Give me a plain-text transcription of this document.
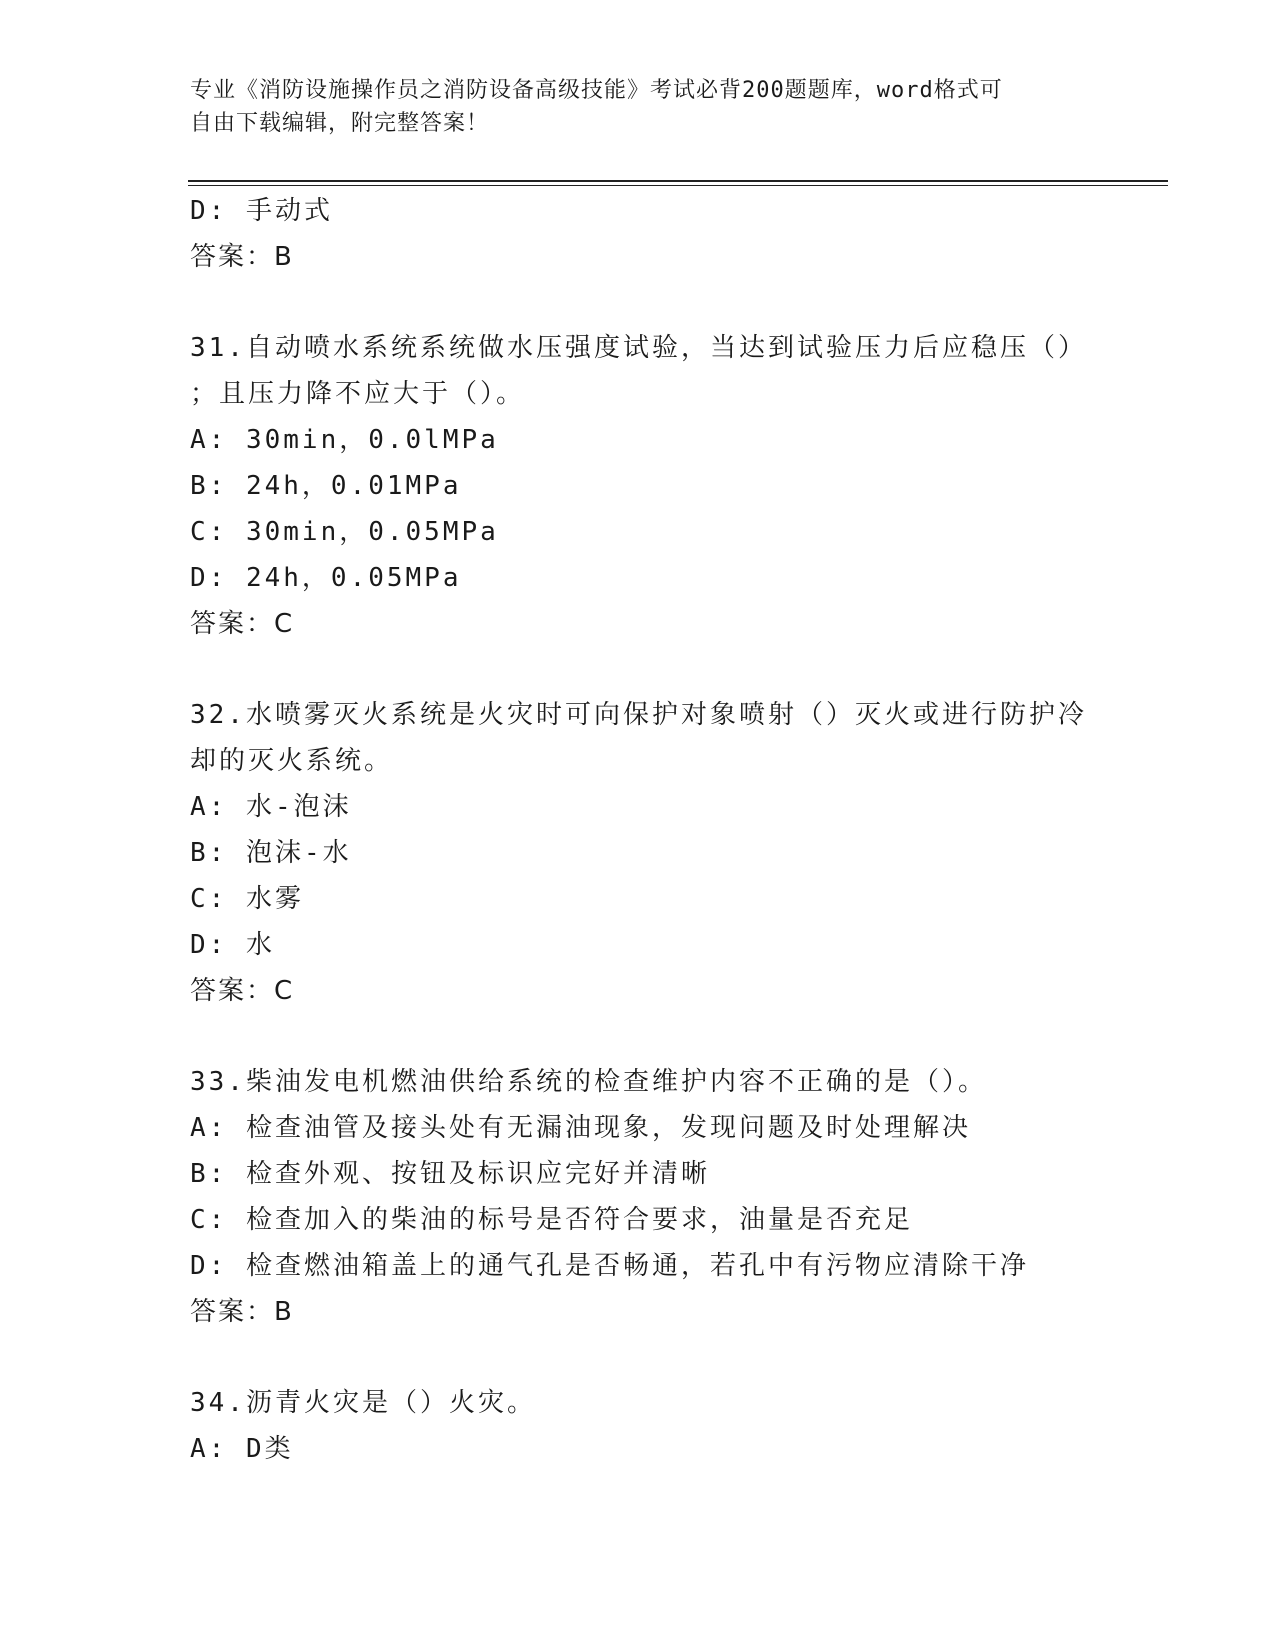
专业《消防设施操作员之消防设备高级技能》考试必背200题题库，word格式可
自由下载编辑，附完整答案！
D: 手动式
答案：B
31.自动喷水系统系统做水压强度试验，当达到试验压力后应稳压（）
；且压力降不应大于（）。
A: 30min，0.0lMPa
B: 24h，0.01MPa
C: 30min，0.05MPa
D: 24h，0.05MPa
答案：C
32.水喷雾灭火系统是火灾时可向保护对象喷射（）灭火或进行防护冷
却的灭火系统。
A: 水-泡沫
B: 泡沫-水
C: 水雾
D: 水
答案：C
33.柴油发电机燃油供给系统的检查维护内容不正确的是（）。
A: 检查油管及接头处有无漏油现象，发现问题及时处理解决
B: 检查外观、按钮及标识应完好并清晰
C: 检查加入的柴油的标号是否符合要求，油量是否充足
D: 检查燃油箱盖上的通气孔是否畅通，若孔中有污物应清除干净
答案：B
34.沥青火灾是（）火灾。
A: D类
